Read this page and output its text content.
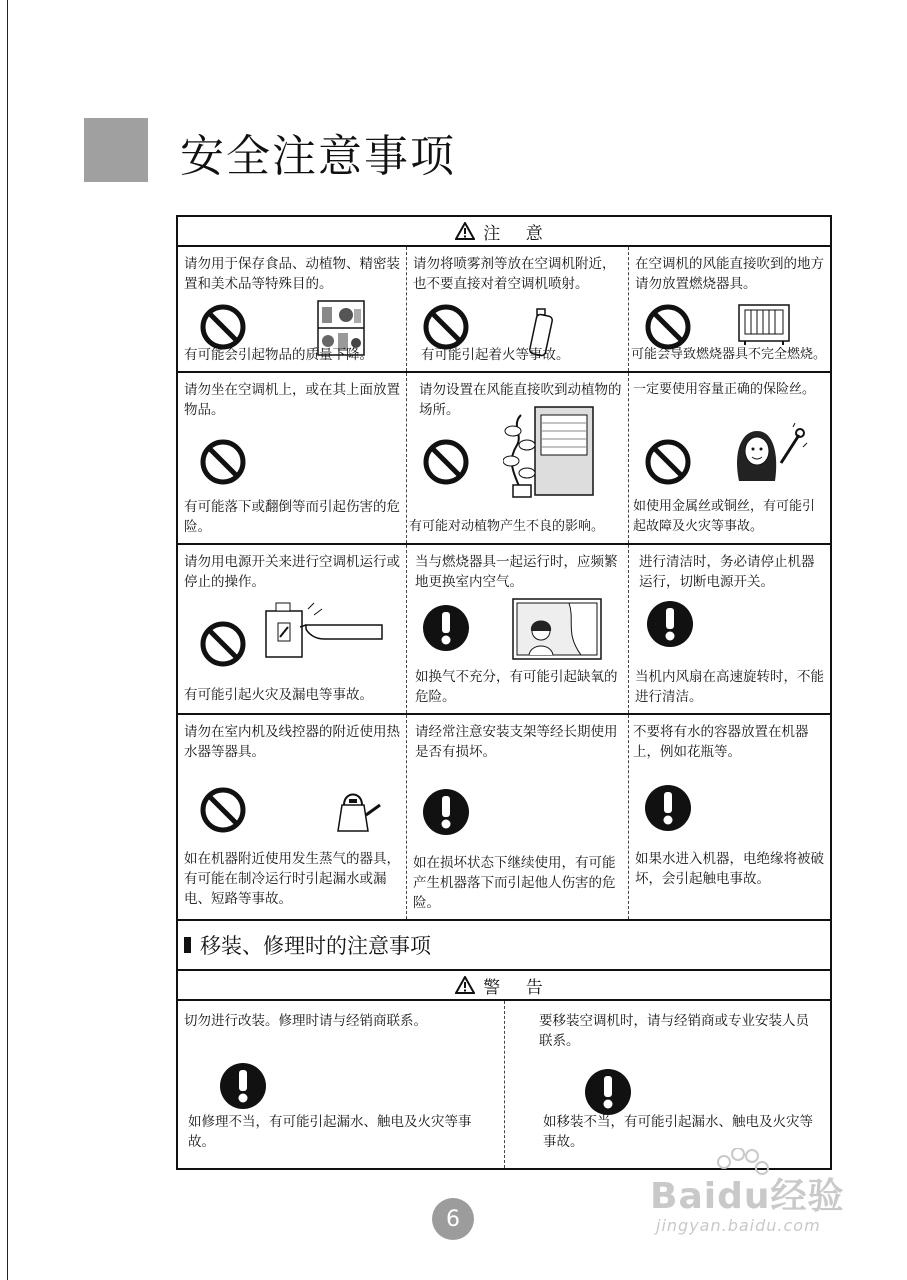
安全注意事项
注 意
请勿用于保存食品、动植物、精密装置和美术品等特殊目的。
有可能会引起物品的质量下降。
请勿将喷雾剂等放在空调机附近，也不要直接对着空调机喷射。
有可能引起着火等事故。
在空调机的风能直接吹到的地方请勿放置燃烧器具。
可能会导致燃烧器具不完全燃烧。
请勿坐在空调机上，或在其上面放置物品。
有可能落下或翻倒等而引起伤害的危险。
请勿设置在风能直接吹到动植物的场所。
有可能对动植物产生不良的影响。
一定要使用容量正确的保险丝。
如使用金属丝或铜丝，有可能引起故障及火灾等事故。
请勿用电源开关来进行空调机运行或停止的操作。
有可能引起火灾及漏电等事故。
当与燃烧器具一起运行时，应频繁地更换室内空气。
如换气不充分，有可能引起缺氧的危险。
进行清洁时，务必请停止机器运行，切断电源开关。
当机内风扇在高速旋转时，不能进行清洁。
请勿在室内机及线控器的附近使用热水器等器具。
如在机器附近使用发生蒸气的器具，有可能在制冷运行时引起漏水或漏电、短路等事故。
请经常注意安装支架等经长期使用是否有损坏。
如在损坏状态下继续使用，有可能产生机器落下而引起他人伤害的危险。
不要将有水的容器放置在机器上，例如花瓶等。
如果水进入机器，电绝缘将被破坏，会引起触电事故。
移装、修理时的注意事项
警 告
切勿进行改装。修理时请与经销商联系。
如修理不当，有可能引起漏水、触电及火灾等事故。
要移装空调机时，请与经销商或专业安装人员联系。
如移装不当，有可能引起漏水、触电及火灾等事故。
6
Baidu经验
jingyan.baidu.com
